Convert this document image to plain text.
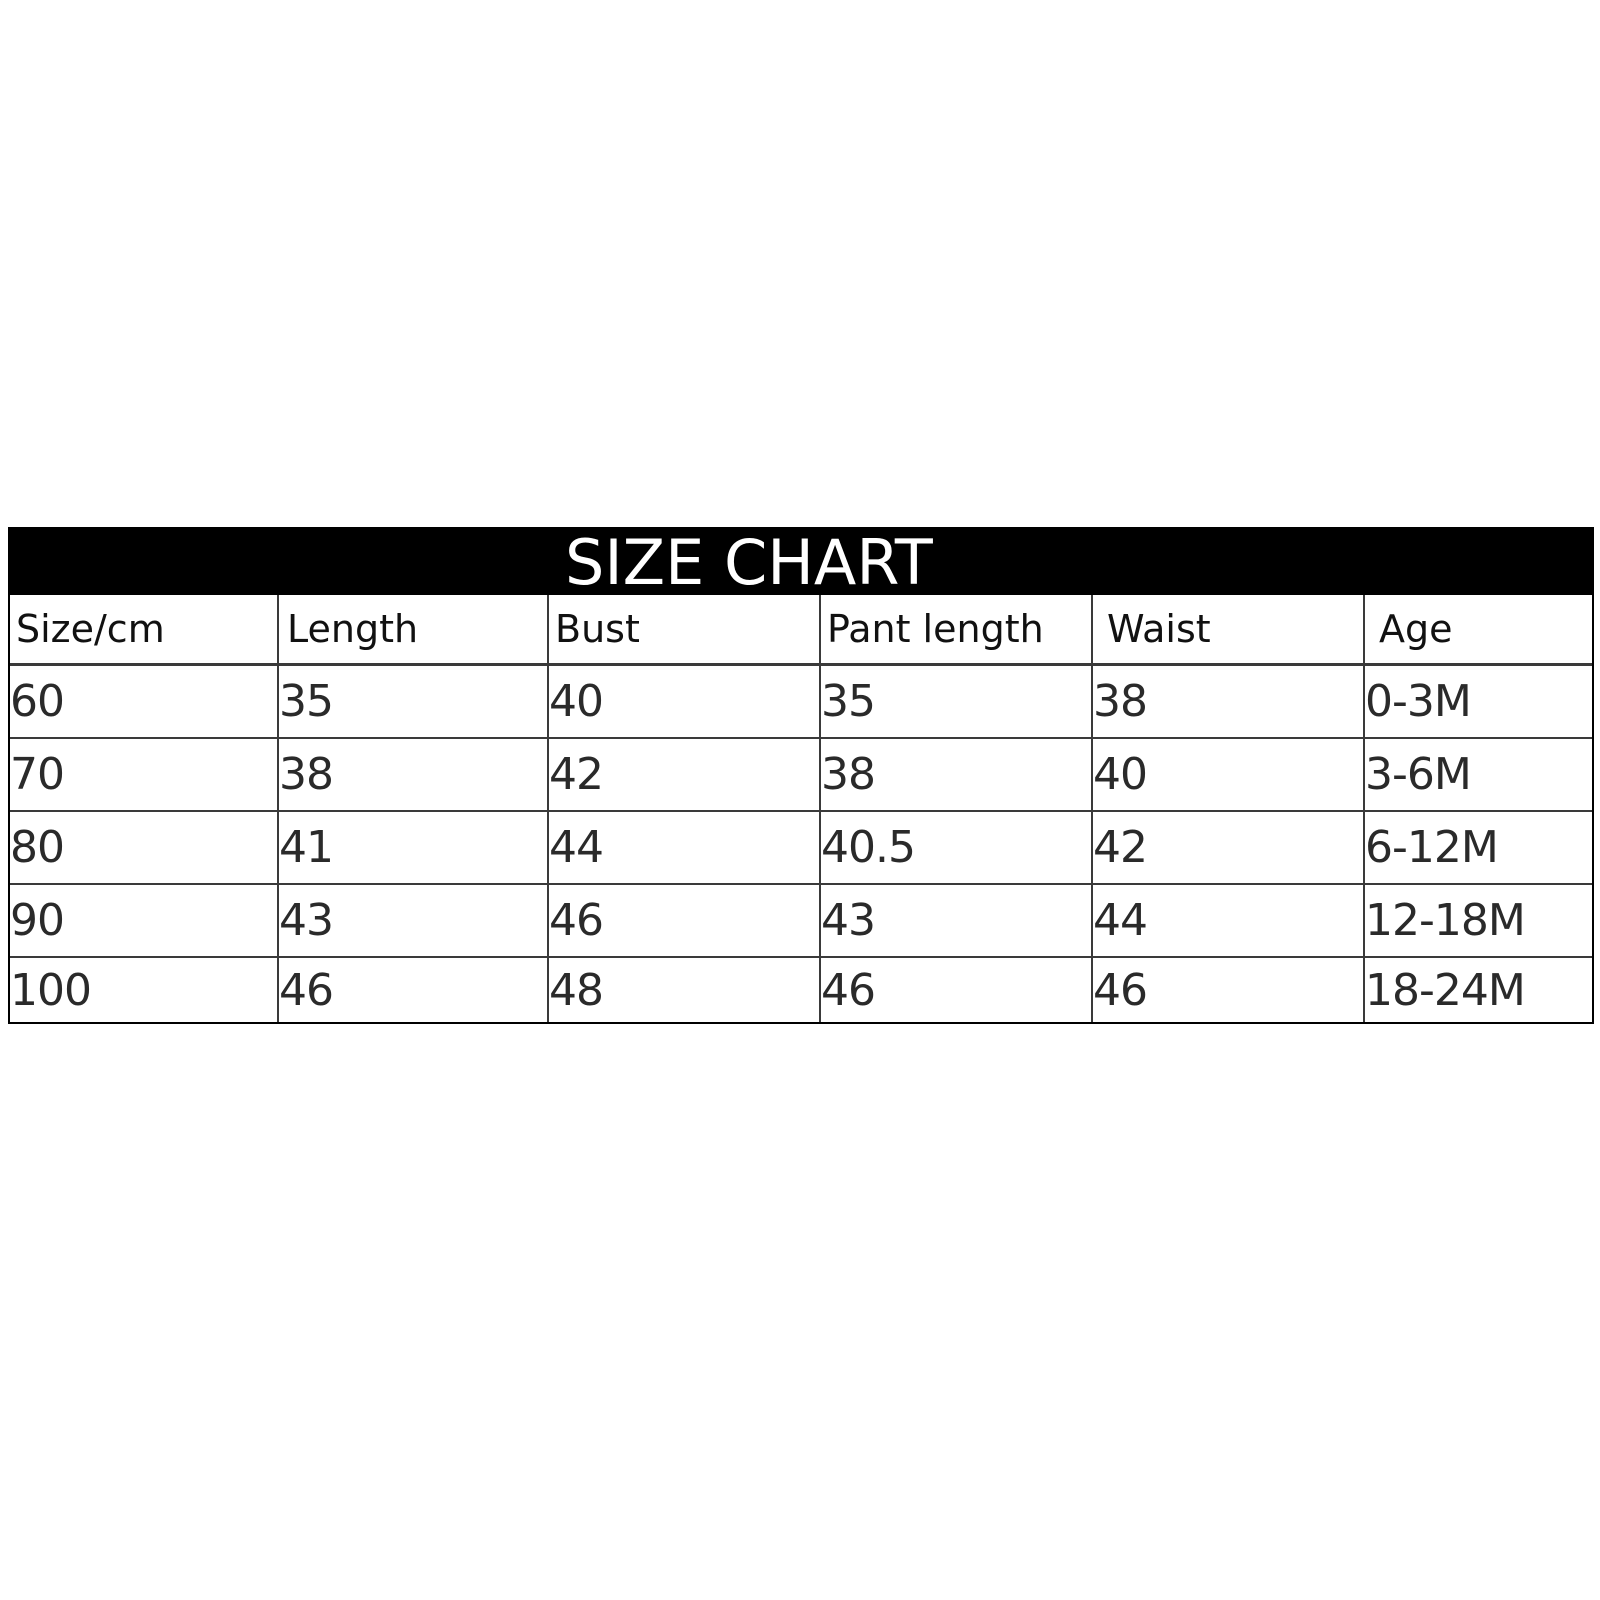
SIZE CHART
Size/cm	Length	Bust	Pant length	Waist	Age
60	35	40	35	38	0-3M
70	38	42	38	40	3-6M
80	41	44	40.5	42	6-12M
90	43	46	43	44	12-18M
100	46	48	46	46	18-24M
